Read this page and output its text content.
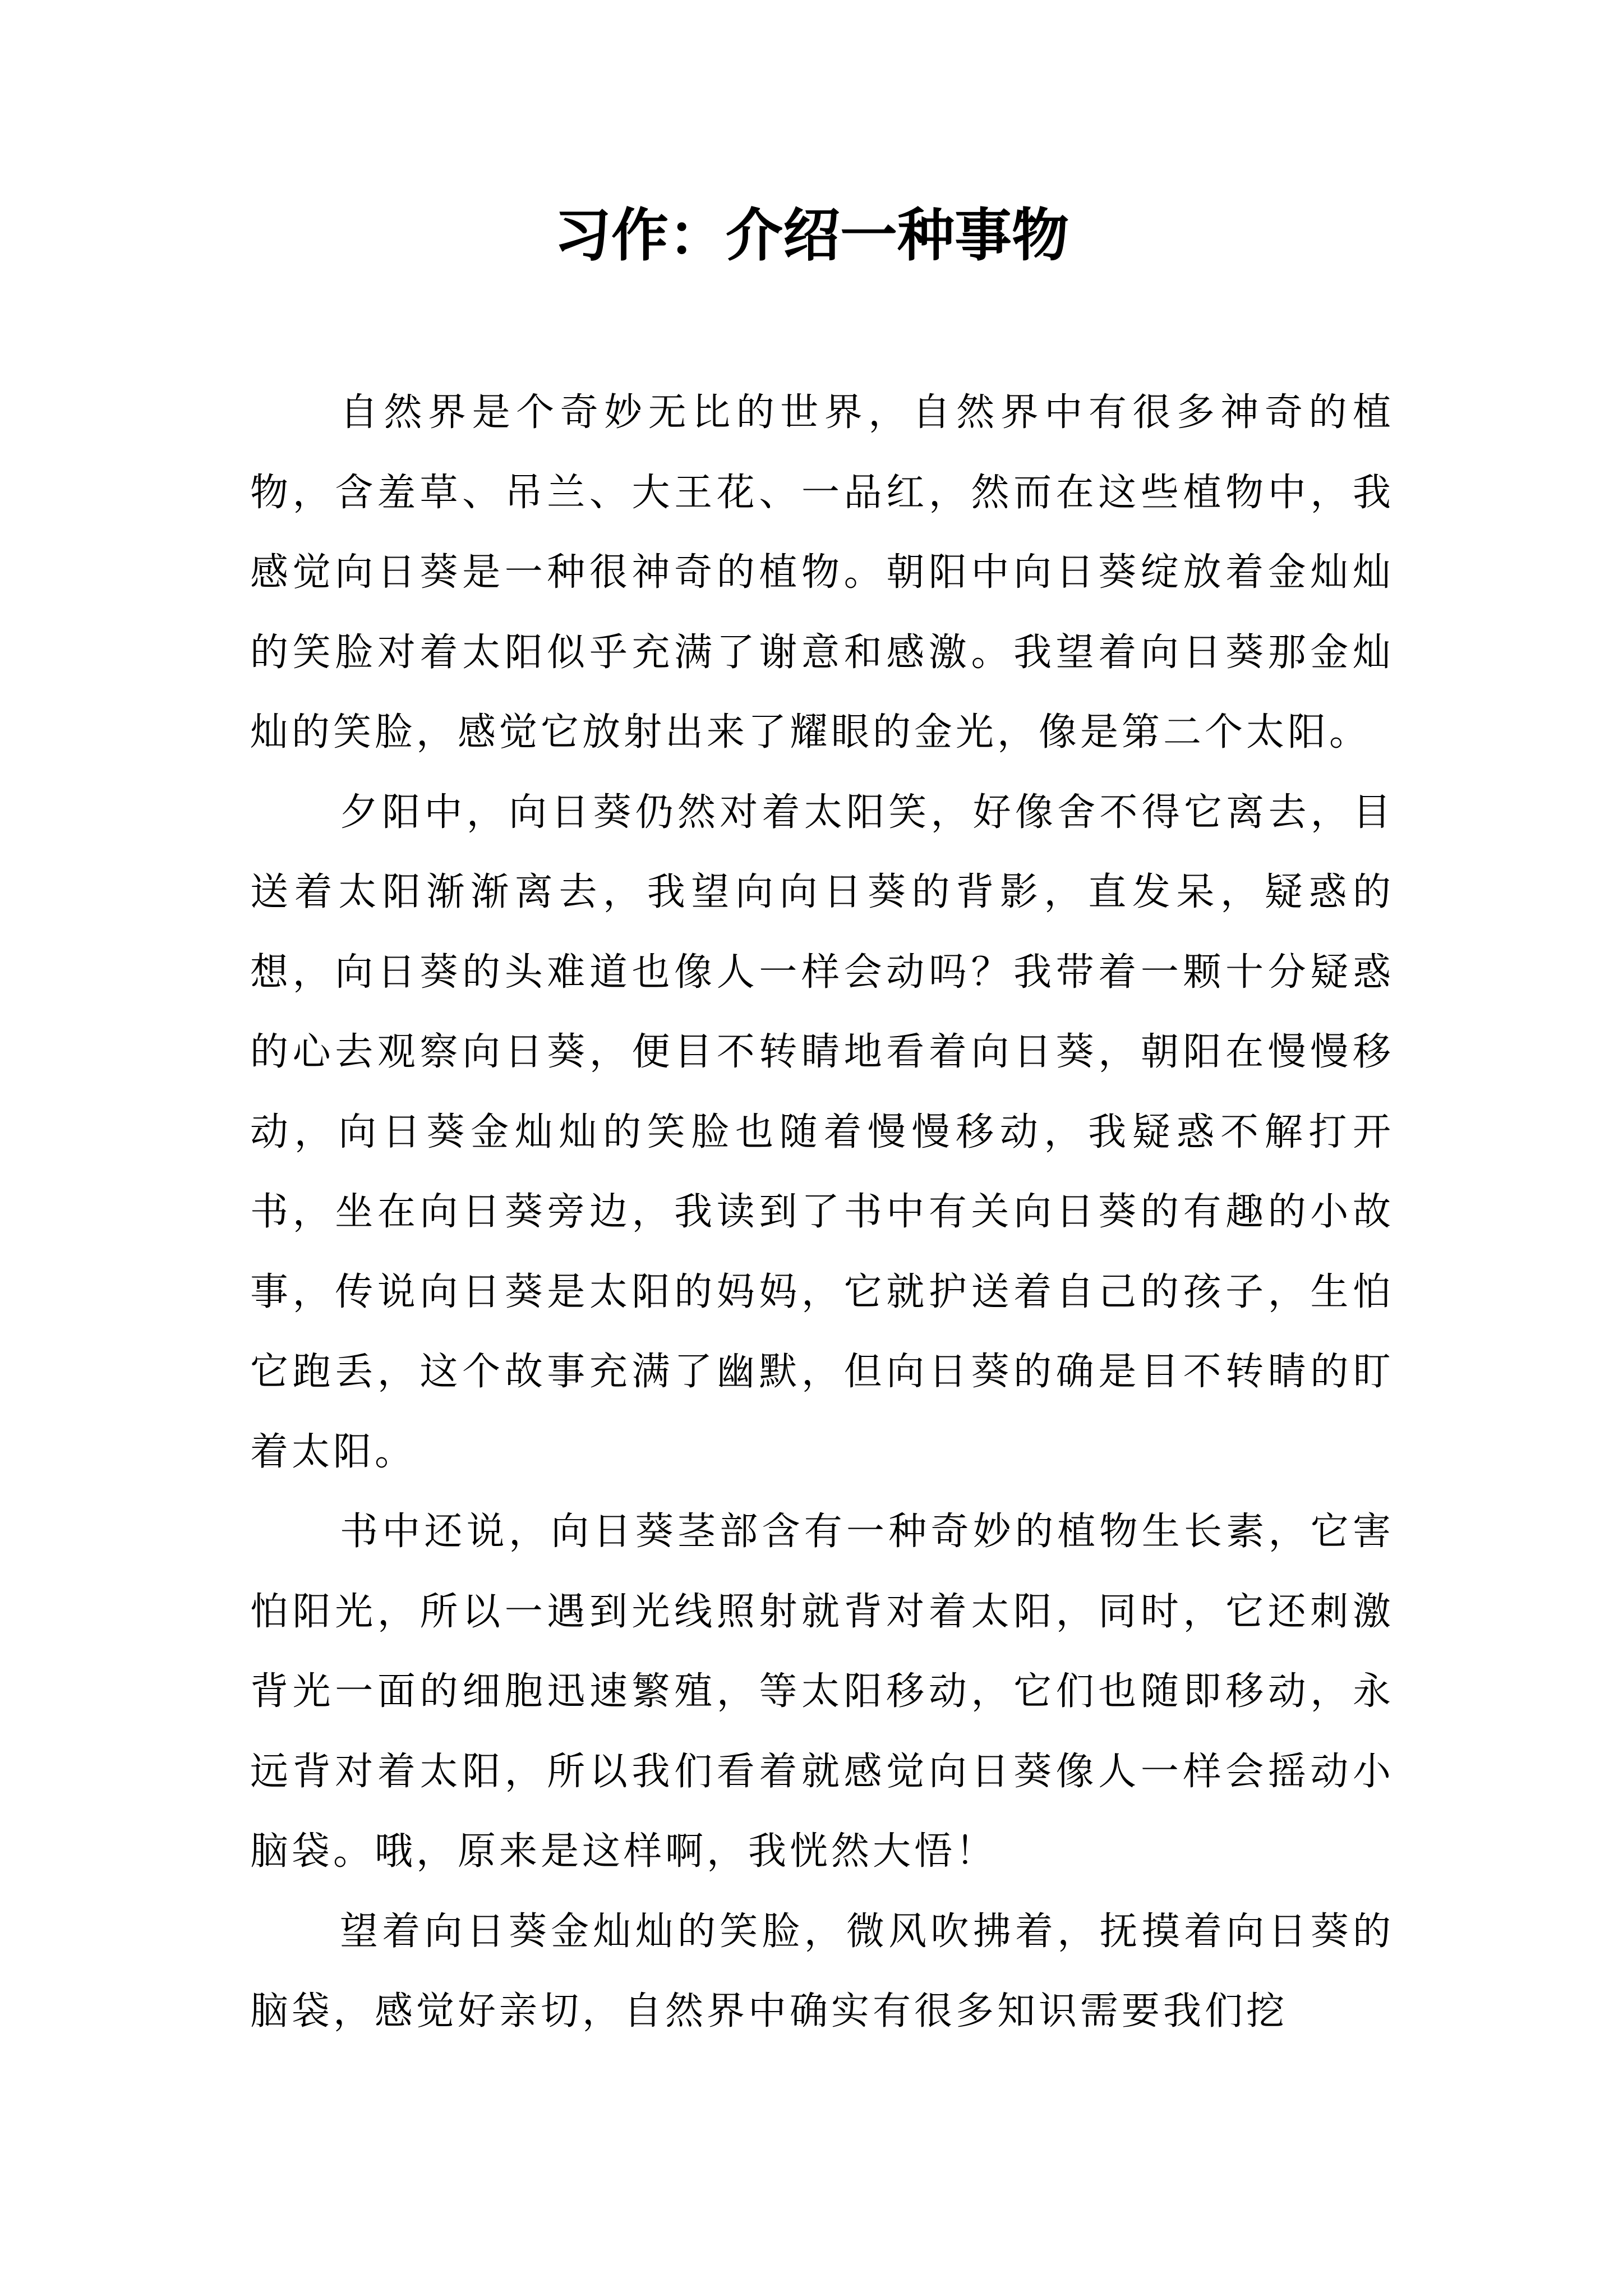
习作：介绍一种事物

自然界是个奇妙无比的世界，自然界中有很多神奇的植物，含羞草、吊兰、大王花、一品红，然而在这些植物中，我感觉向日葵是一种很神奇的植物。朝阳中向日葵绽放着金灿灿的笑脸对着太阳似乎充满了谢意和感激。我望着向日葵那金灿灿的笑脸，感觉它放射出来了耀眼的金光，像是第二个太阳。

夕阳中，向日葵仍然对着太阳笑，好像舍不得它离去，目送着太阳渐渐离去，我望向向日葵的背影，直发呆，疑惑的想，向日葵的头难道也像人一样会动吗？我带着一颗十分疑惑的心去观察向日葵，便目不转睛地看着向日葵，朝阳在慢慢移动，向日葵金灿灿的笑脸也随着慢慢移动，我疑惑不解打开书，坐在向日葵旁边，我读到了书中有关向日葵的有趣的小故事，传说向日葵是太阳的妈妈，它就护送着自己的孩子，生怕它跑丢，这个故事充满了幽默，但向日葵的确是目不转睛的盯着太阳。

书中还说，向日葵茎部含有一种奇妙的植物生长素，它害怕阳光，所以一遇到光线照射就背对着太阳，同时，它还刺激背光一面的细胞迅速繁殖，等太阳移动，它们也随即移动，永远背对着太阳，所以我们看着就感觉向日葵像人一样会摇动小脑袋。哦，原来是这样啊，我恍然大悟！

望着向日葵金灿灿的笑脸，微风吹拂着，抚摸着向日葵的脑袋，感觉好亲切，自然界中确实有很多知识需要我们挖
